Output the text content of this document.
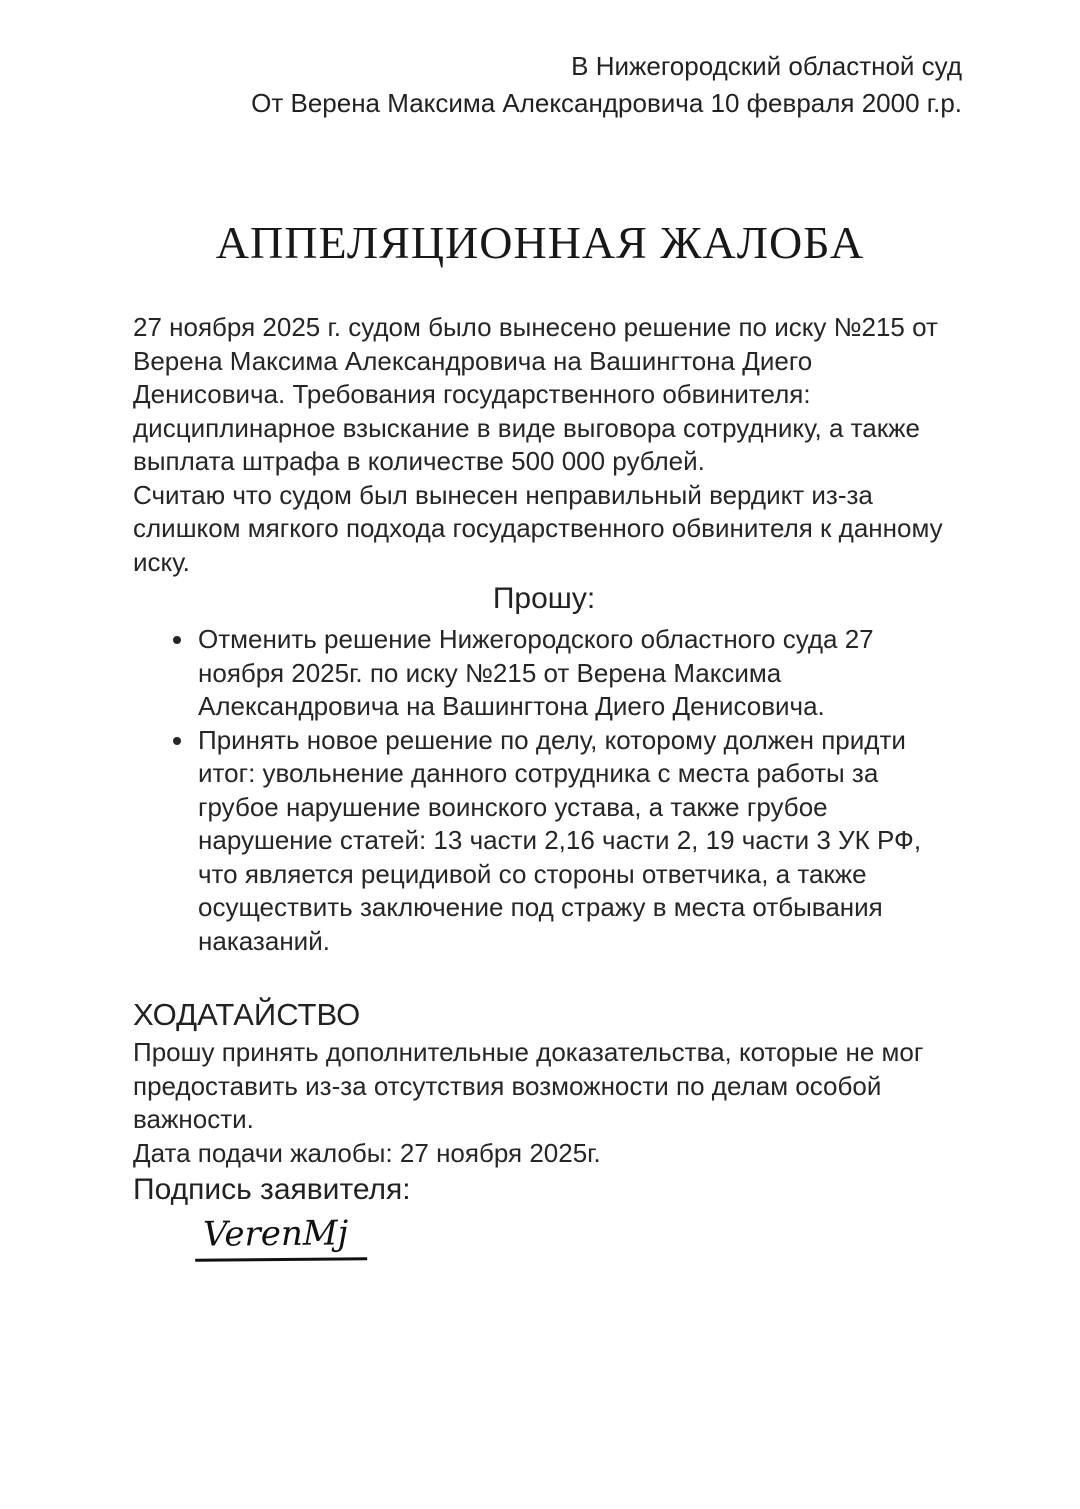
В Нижегородский областной суд
От Верена Максима Александровича 10 февраля 2000 г.р.
АППЕЛЯЦИОННАЯ ЖАЛОБА

27 ноября 2025 г. судом было вынесено решение по иску №215 от Верена Максима Александровича на Вашингтона Диего Денисовича. Требования государственного обвинителя: дисциплинарное взыскание в виде выговора сотруднику, а также выплата штрафа в количестве 500 000 рублей.

Считаю что судом был вынесен неправильный вердикт из-за слишком мягкого подхода государственного обвинителя к данному иску.

Прошу:

• Отменить решение Нижегородского областного суда 27 ноября 2025г. по иску №215 от Верена Максима Александровича на Вашингтона Диего Денисовича.
• Принять новое решение по делу, которому должен придти итог: увольнение данного сотрудника с места работы за грубое нарушение воинского устава, а также грубое нарушение статей: 13 части 2,16 части 2, 19 части 3 УК РФ, что является рецидивой со стороны ответчика, а также осуществить заключение под стражу в места отбывания наказаний.
ХОДАТАЙСТВО

Прошу принять дополнительные доказательства, которые не мог предоставить из-за отсутствия возможности по делам особой важности.

Дата подачи жалобы: 27 ноября 2025г.

Подпись заявителя:

VerenMj
